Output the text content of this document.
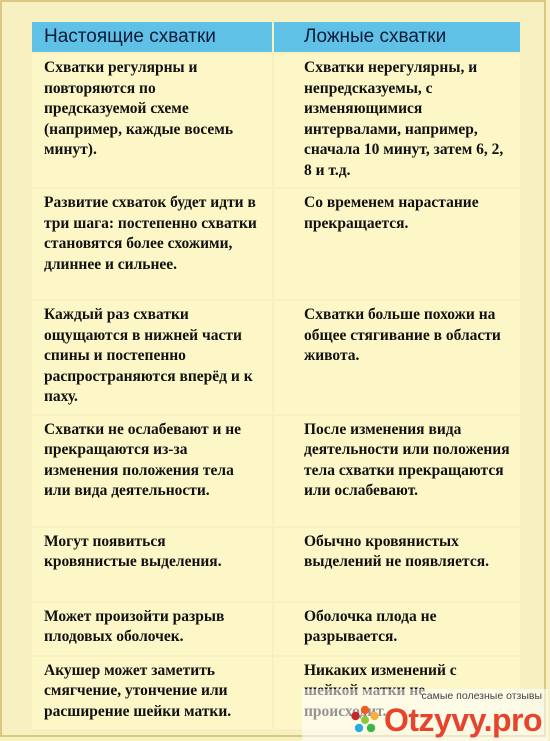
Настоящие схватки	Ложные схватки
Схватки регулярны и повторяются по предсказуемой схеме (например, каждые восемь минут).	Схватки нерегулярны, и непредсказуемы, с изменяющимися интервалами, например, сначала 10 минут, затем 6, 2, 8 и т.д.
Развитие схваток будет идти в три шага: постепенно схватки становятся более схожими, длиннее и сильнее.	Со временем нарастание прекращается.
Каждый раз схватки ощущаются в нижней части спины и постепенно распространяются вперёд и к паху.	Схватки больше похожи на общее стягивание в области живота.
Схватки не ослабевают и не прекращаются из-за изменения положения тела или вида деятельности.	После изменения вида деятельности или положения тела схватки прекращаются или ослабевают.
Могут появиться кровянистые выделения.	Обычно кровянистых выделений не появляется.
Может произойти разрыв плодовых оболочек.	Оболочка плода не разрывается.
Акушер может заметить смягчение, утончение или расширение шейки матки.	Никаких изменений с
самые полезные отзывы
Otzyvy.pro
